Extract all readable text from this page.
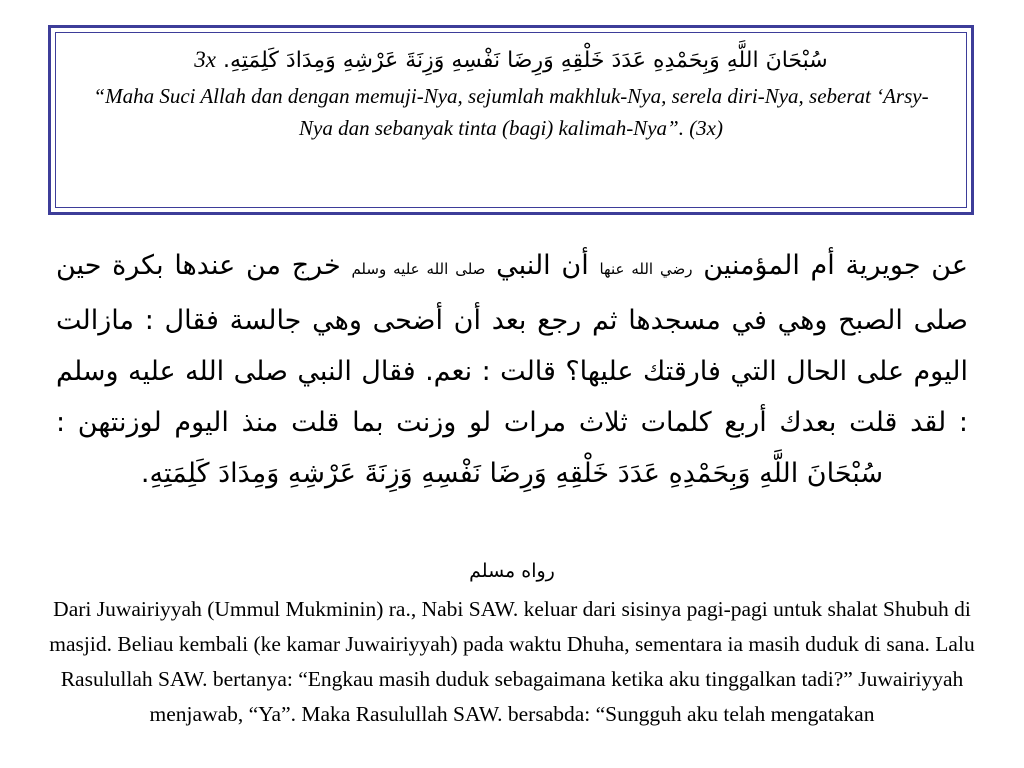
سُبْحَانَ اللَّهِ وَبِحَمْدِهِ عَدَدَ خَلْقِهِ وَرِضَا نَفْسِهِ وَزِنَةَ عَرْشِهِ وَمِدَادَ كَلِمَتِهِ. 3x
“Maha Suci Allah dan dengan memuji-Nya, sejumlah makhluk-Nya, serela diri-Nya, seberat ‘Arsy-Nya dan sebanyak tinta (bagi) kalimah-Nya”. (3x)
عن جويرية أم المؤمنين رضي الله عنها أن النبي صلى الله عليه وسلم خرج من عندها بكرة حين صلى الصبح وهي في مسجدها ثم رجع بعد أن أضحى وهي جالسة فقال : مازالت اليوم على الحال التي فارقتك عليها؟ قالت : نعم. فقال النبي صلى الله عليه وسلم : لقد قلت بعدك أربع كلمات ثلاث مرات لو وزنت بما قلت منذ اليوم لوزنتهن : سُبْحَانَ اللَّهِ وَبِحَمْدِهِ عَدَدَ خَلْقِهِ وَرِضَا نَفْسِهِ وَزِنَةَ عَرْشِهِ وَمِدَادَ كَلِمَتِهِ.
رواه مسلم
Dari Juwairiyyah (Ummul Mukminin) ra., Nabi SAW. keluar dari sisinya pagi-pagi untuk shalat Shubuh di masjid. Beliau kembali (ke kamar Juwairiyyah) pada waktu Dhuha, sementara ia masih duduk di sana. Lalu Rasulullah SAW. bertanya: “Engkau masih duduk sebagaimana ketika aku tinggalkan tadi?” Juwairiyyah menjawab, “Ya”. Maka Rasulullah SAW. bersabda: “Sungguh aku telah mengatakan
